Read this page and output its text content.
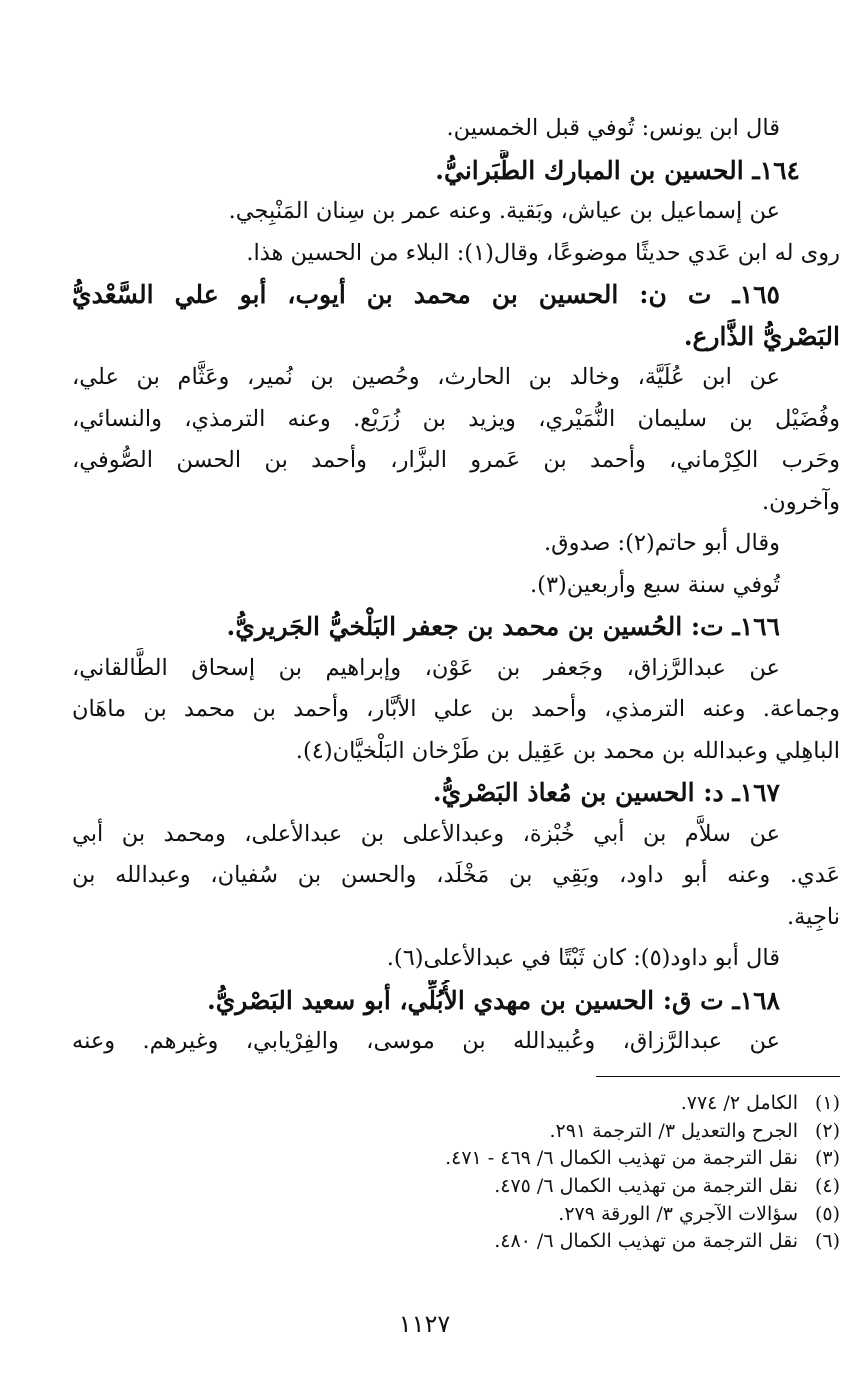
قال ابن يونس: تُوفي قبل الخمسين.
١٦٤ـ الحسين بن المبارك الطَّبَرانيُّ.
عن إسماعيل بن عياش، وبَقية. وعنه عمر بن سِنان المَنْبِجي.
روى له ابن عَدي حديثًا موضوعًا، وقال(١): البلاء من الحسين هذا.
١٦٥ـ ت ن: الحسين بن محمد بن أيوب، أبو علي السَّعْديُّ
البَصْريُّ الذَّارع.
عن ابن عُلَيَّة، وخالد بن الحارث، وحُصين بن نُمير، وعَثَّام بن علي،
وفُضَيْل بن سليمان النُّمَيْري، ويزيد بن زُرَيْع. وعنه الترمذي، والنسائي،
وحَرب الكِرْماني، وأحمد بن عَمرو البزَّار، وأحمد بن الحسن الصُّوفي،
وآخرون.
وقال أبو حاتم(٢): صدوق.
تُوفي سنة سبع وأربعين(٣).
١٦٦ـ ت: الحُسين بن محمد بن جعفر البَلْخيُّ الجَريريُّ.
عن عبدالرَّزاق، وجَعفر بن عَوْن، وإبراهيم بن إسحاق الطَّالقاني،
وجماعة. وعنه الترمذي، وأحمد بن علي الأبَّار، وأحمد بن محمد بن ماهَان
الباهِلي وعبدالله بن محمد بن عَقِيل بن طَرْخان البَلْخيَّان(٤).
١٦٧ـ د: الحسين بن مُعاذ البَصْريُّ.
عن سلاَّم بن أبي خُبْزة، وعبدالأعلى بن عبدالأعلى، ومحمد بن أبي
عَدي. وعنه أبو داود، وبَقِي بن مَخْلَد، والحسن بن سُفيان، وعبدالله بن
ناجِية.
قال أبو داود(٥): كان ثَبْتًا في عبدالأعلى(٦).
١٦٨ـ ت ق: الحسين بن مهدي الأُبُلِّي، أبو سعيد البَصْريُّ.
عن عبدالرَّزاق، وعُبيدالله بن موسى، والفِرْيابي، وغيرهم. وعنه
(١)الكامل ٢/ ٧٧٤.
(٢)الجرح والتعديل ٣/ الترجمة ٢٩١.
(٣)نقل الترجمة من تهذيب الكمال ٦/ ٤٦٩ - ٤٧١.
(٤)نقل الترجمة من تهذيب الكمال ٦/ ٤٧٥.
(٥)سؤالات الآجري ٣/ الورقة ٢٧٩.
(٦)نقل الترجمة من تهذيب الكمال ٦/ ٤٨٠.
١١٢٧
